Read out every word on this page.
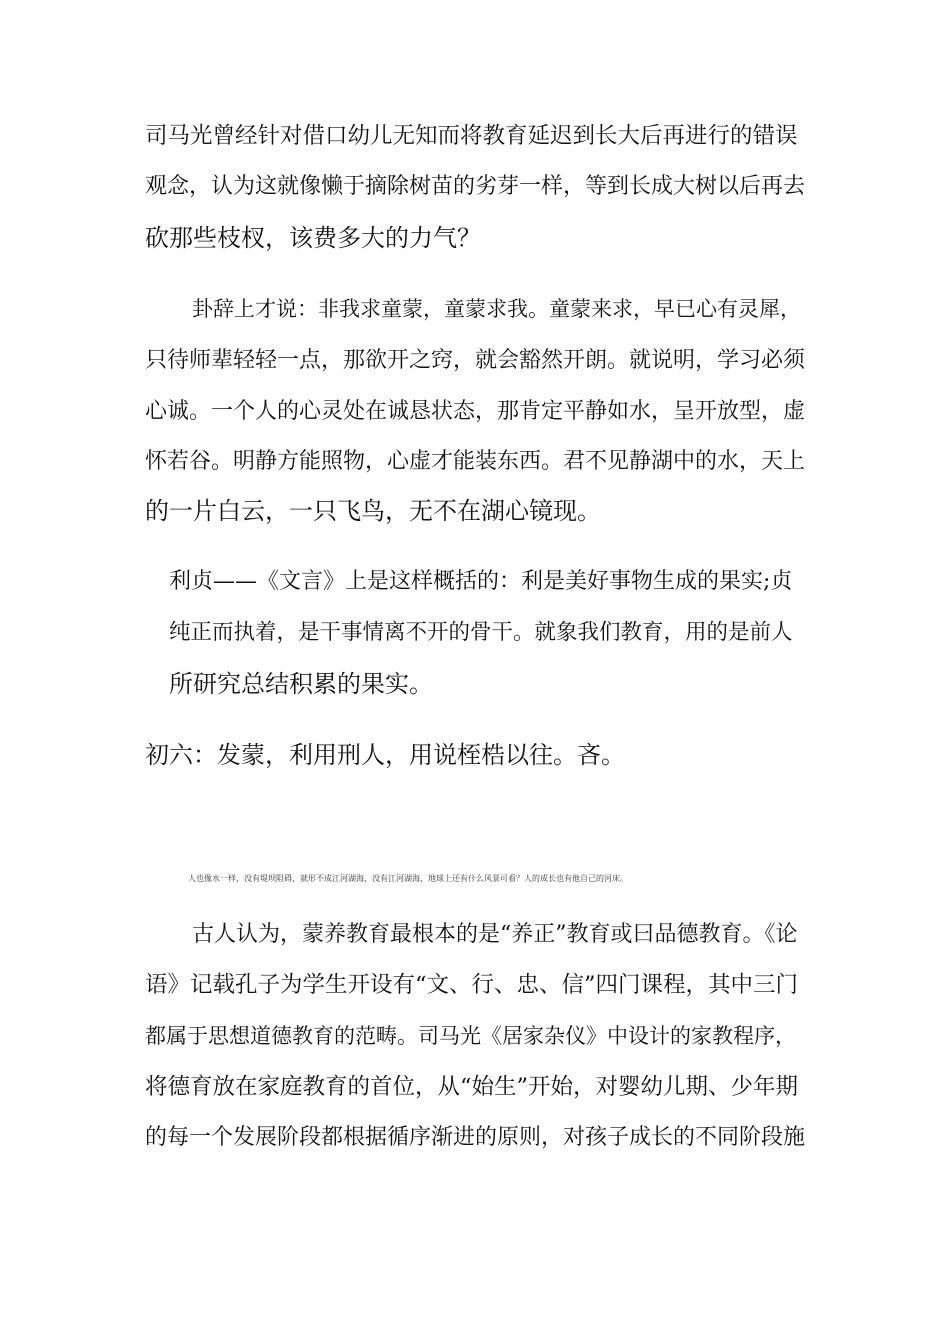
司马光曾经针对借口幼儿无知而将教育延迟到长大后再进行的错误
观念，认为这就像懒于摘除树苗的劣芽一样，等到长成大树以后再去
砍那些枝杈，该费多大的力气？
卦辞上才说：非我求童蒙，童蒙求我。童蒙来求，早已心有灵犀，
只待师辈轻轻一点，那欲开之窍，就会豁然开朗。就说明，学习必须
心诚。一个人的心灵处在诚恳状态，那肯定平静如水，呈开放型，虚
怀若谷。明静方能照物，心虚才能装东西。君不见静湖中的水，天上
的一片白云，一只飞鸟，无不在湖心镜现。
利贞——《文言》上是这样概括的：利是美好事物生成的果实;贞
纯正而执着，是干事情离不开的骨干。就象我们教育，用的是前人
所研究总结积累的果实。
初六：发蒙，利用刑人，用说桎梏以往。吝。
人也像水一样，没有堤坝阻碍，就形不成江河湖海，没有江河湖海，地球上还有什么风景可看？人的成长也有他自己的河床。
古人认为，蒙养教育最根本的是“养正”教育或曰品德教育。《论
语》记载孔子为学生开设有“文、行、忠、信”四门课程，其中三门
都属于思想道德教育的范畴。司马光《居家杂仪》中设计的家教程序，
将德育放在家庭教育的首位，从“始生”开始，对婴幼儿期、少年期
的每一个发展阶段都根据循序渐进的原则，对孩子成长的不同阶段施
